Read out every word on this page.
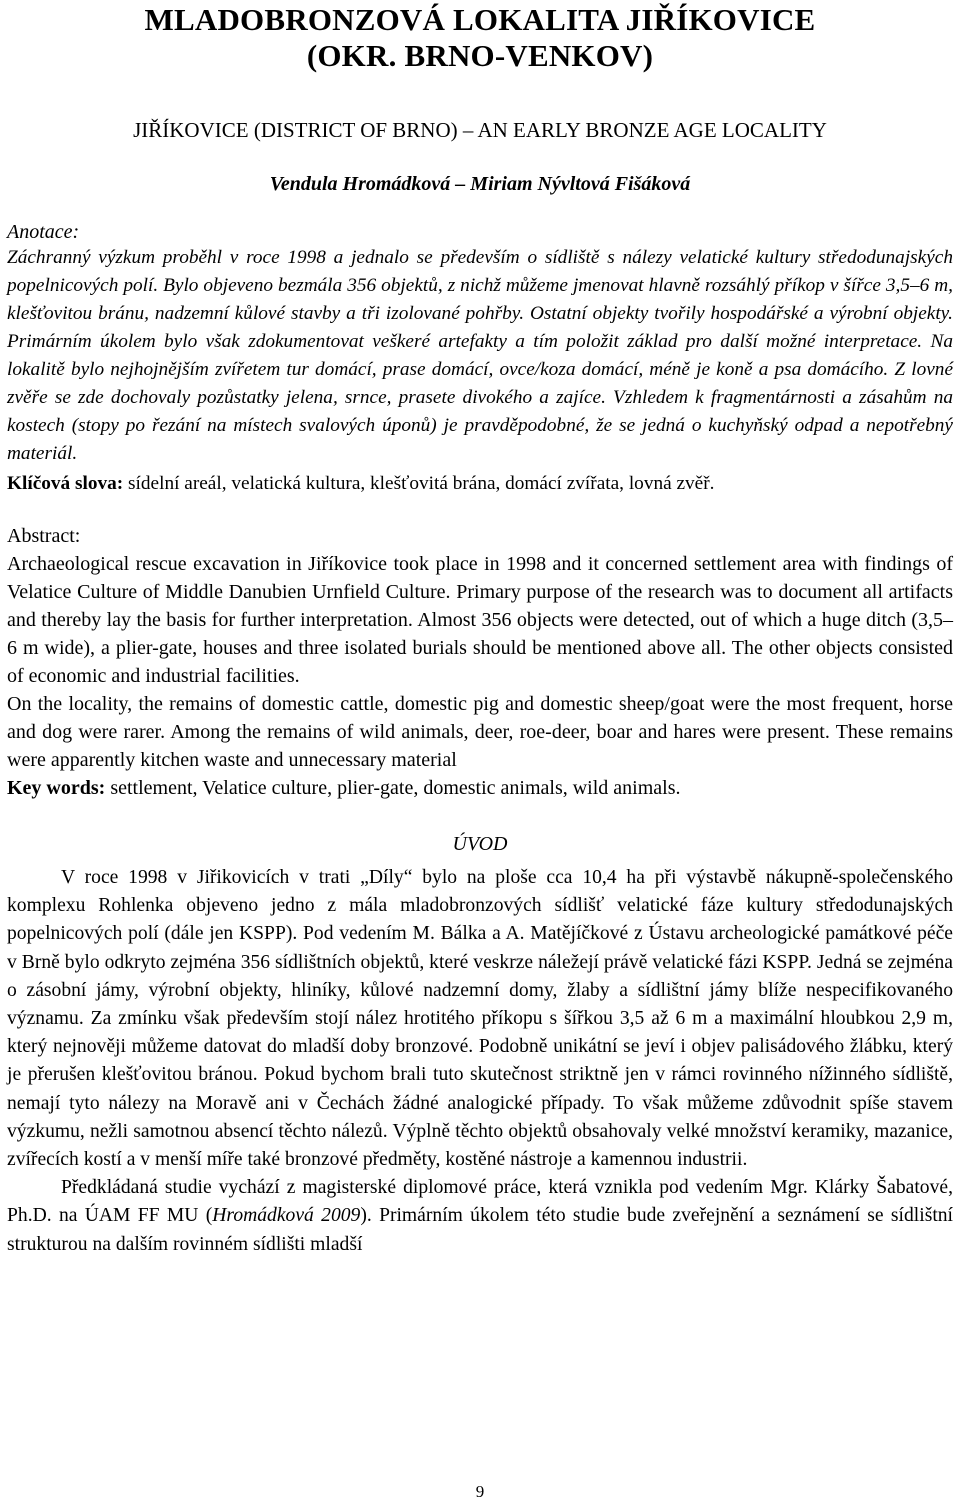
MLADOBRONZOVÁ LOKALITA JIŘÍKOVICE
(OKR. BRNO-VENKOV)
JIŘÍKOVICE (DISTRICT OF BRNO) – AN EARLY BRONZE AGE LOCALITY
Vendula Hromádková – Miriam Nývltová Fišáková
Anotace:

Záchranný výzkum proběhl v roce 1998 a jednalo se především o sídliště s nálezy velatické kultury středodunajských popelnicových polí. Bylo objeveno bezmála 356 objektů, z nichž můžeme jmenovat hlavně rozsáhlý příkop v šířce 3,5–6 m, klešťovitou bránu, nadzemní kůlové stavby a tři izolované pohřby. Ostatní objekty tvořily hospodářské a výrobní objekty. Primárním úkolem bylo však zdokumentovat veškeré artefakty a tím položit základ pro další možné interpretace. Na lokalitě bylo nejhojnějším zvířetem tur domácí, prase domácí, ovce/koza domácí, méně je koně a psa domácího. Z lovné zvěře se zde dochovaly pozůstatky jelena, srnce, prasete divokého a zajíce. Vzhledem k fragmentárnosti a zásahům na kostech (stopy po řezání na místech svalových úponů) je pravděpodobné, že se jedná o kuchyňský odpad a nepotřebný materiál.

Klíčová slova: sídelní areál, velatická kultura, klešťovitá brána, domácí zvířata, lovná zvěř.

Abstract:

Archaeological rescue excavation in Jiříkovice took place in 1998 and it concerned settlement area with findings of Velatice Culture of Middle Danubien Urnfield Culture. Primary purpose of the research was to document all artifacts and thereby lay the basis for further interpretation. Almost 356 objects were detected, out of which a huge ditch (3,5–6 m wide), a plier-gate, houses and three isolated burials should be mentioned above all. The other objects consisted of economic and industrial facilities.

On the locality, the remains of domestic cattle, domestic pig and domestic sheep/goat were the most frequent, horse and dog were rarer. Among the remains of wild animals, deer, roe-deer, boar and hares were present. These remains were apparently kitchen waste and unnecessary material

Key words: settlement, Velatice culture, plier-gate, domestic animals, wild animals.

ÚVOD

V roce 1998 v Jiřikovicích v trati „Díly“ bylo na ploše cca 10,4 ha při výstavbě nákupně-společenského komplexu Rohlenka objeveno jedno z mála mladobronzových sídlišť velatické fáze kultury středodunajských popelnicových polí (dále jen KSPP). Pod vedením M. Bálka a A. Matějíčkové z Ústavu archeologické památkové péče v Brně bylo odkryto zejména 356 sídlištních objektů, které veskrze náležejí právě velatické fázi KSPP. Jedná se zejména o zásobní jámy, výrobní objekty, hliníky, kůlové nadzemní domy, žlaby a sídlištní jámy blíže nespecifikovaného významu. Za zmínku však především stojí nález hrotitého příkopu s šířkou 3,5 až 6 m a maximální hloubkou 2,9 m, který nejnověji můžeme datovat do mladší doby bronzové. Podobně unikátní se jeví i objev palisádového žlábku, který je přerušen klešťovitou bránou. Pokud bychom brali tuto skutečnost striktně jen v rámci rovinného nížinného sídliště, nemají tyto nálezy na Moravě ani v Čechách žádné analogické případy. To však můžeme zdůvodnit spíše stavem výzkumu, nežli samotnou absencí těchto nálezů. Výplně těchto objektů obsahovaly velké množství keramiky, mazanice, zvířecích kostí a v menší míře také bronzové předměty, kostěné nástroje a kamennou industrii.

Předkládaná studie vychází z magisterské diplomové práce, která vznikla pod vedením Mgr. Klárky Šabatové, Ph.D. na ÚAM FF MU (Hromádková 2009). Primárním úkolem této studie bude zveřejnění a seznámení se sídlištní strukturou na dalším rovinném sídlišti mladší

9
